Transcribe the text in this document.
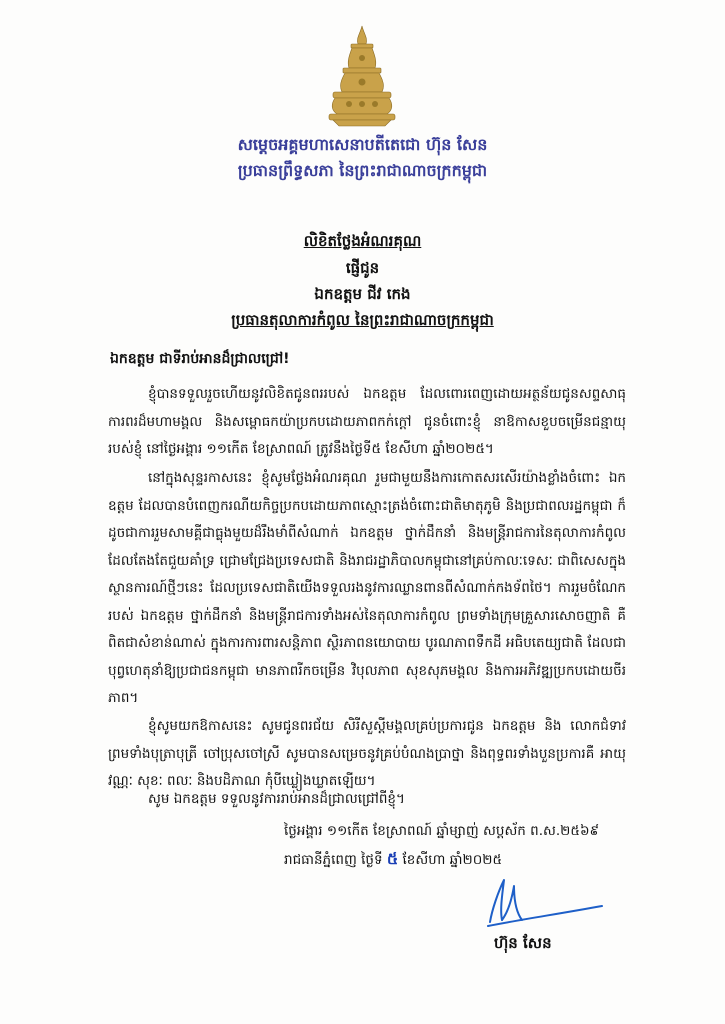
សម្តេចអគ្គមហាសេនាបតីតេជោ ហ៊ុន សែន
ប្រធានព្រឹទ្ធសភា នៃព្រះរាជាណាចក្រកម្ពុជា
លិខិតថ្លែងអំណរគុណ
ផ្ញើជូន
ឯកឧត្តម ជីវ កេង
ប្រធានតុលាការកំពូល នៃព្រះរាជាណាចក្រកម្ពុជា
ឯកឧត្តម ជាទីរាប់អានដ៏ជ្រាលជ្រៅ!

ខ្ញុំបានទទួលរួចហើយនូវលិខិតជូនពររបស់ ឯកឧត្តម ដែលពោរពេញដោយអត្ថន័យជូនសព្ទសាធុការពរដ៏មហាមង្គល និងសម្ពោធកយ៉ាប្រកបដោយភាពកក់ក្តៅ ជូនចំពោះខ្ញុំ នាឱកាសខួបចម្រើនជន្មាយុរបស់ខ្ញុំ នៅថ្ងៃអង្គារ ១១កើត ខែស្រាពណ៍ ត្រូវនឹងថ្ងៃទី៥ ខែសីហា ឆ្នាំ២០២៥។

នៅក្នុងសុន្ទរកាសនេះ ខ្ញុំសូមថ្លែងអំណរគុណ រួមជាមួយនឹងការកោតសរសើរយ៉ាងខ្លាំងចំពោះ ឯកឧត្តម ដែលបានបំពេញករណីយកិច្ចប្រកបដោយភាពស្មោះត្រង់ចំពោះជាតិមាតុភូមិ និងប្រជាពលរដ្ឋកម្ពុជា ក៏ដូចជាការរួមសាមគ្គីជាធ្លុងមួយដ៏រឹងមាំពីសំណាក់ ឯកឧត្តម ថ្នាក់ដឹកនាំ និងមន្ត្រីរាជការនៃតុលាការកំពូល ដែលតែងតែជួយគាំទ្រ ជ្រោមជ្រែងប្រទេសជាតិ និងរាជរដ្ឋាភិបាលកម្ពុជានៅគ្រប់កាលៈទេសៈ ជាពិសេសក្នុងស្ថានការណ៍ថ្មីៗនេះ ដែលប្រទេសជាតិយើងទទួលរងនូវការឈ្លានពានពីសំណាក់កងទ័ពថៃ។ ការរួមចំណែករបស់ ឯកឧត្តម ថ្នាក់ដឹកនាំ និងមន្ត្រីរាជការទាំងអស់នៃតុលាការកំពូល ព្រមទាំងក្រុមគ្រួសារសោចញាតិ គឺពិតជាសំខាន់ណាស់ ក្នុងការការពារសន្តិភាព ស្ថិរភាពនយោបាយ បូរណភាពទឹកដី អធិបតេយ្យជាតិ ដែលជាបុព្វហេតុនាំឱ្យប្រជាជនកម្ពុជា មានភាពរីកចម្រើន វិបុលភាព សុខសុភមង្គល និងការអភិវឌ្ឍប្រកបដោយចីរភាព។

ខ្ញុំសូមយកឱកាសនេះ សូមជូនពរជ័យ សិរីសួស្តីមង្គលគ្រប់ប្រការជូន ឯកឧត្តម និង លោកជំទាវ ព្រមទាំងបុត្រាបុត្រី ចៅប្រុសចៅស្រី សូមបានសម្រេចនូវគ្រប់បំណងប្រាថ្នា និងពុទ្ធពរទាំងបួនប្រការគឺ អាយុ វណ្ណៈ សុខៈ ពលៈ និងបដិភាណ កុំបីឃ្លៀងឃ្លាតឡើយ។

សូម ឯកឧត្តម ទទួលនូវការរាប់អានដ៏ជ្រាលជ្រៅពីខ្ញុំ។

ថ្ងៃអង្គារ ១១កើត ខែស្រាពណ៍ ឆ្នាំម្សាញ់ សប្តស័ក ព.ស.២៥៦៩
រាជធានីភ្នំពេញ ថ្ងៃទី ៥ ខែសីហា ឆ្នាំ២០២៥
ហ៊ុន សែន
